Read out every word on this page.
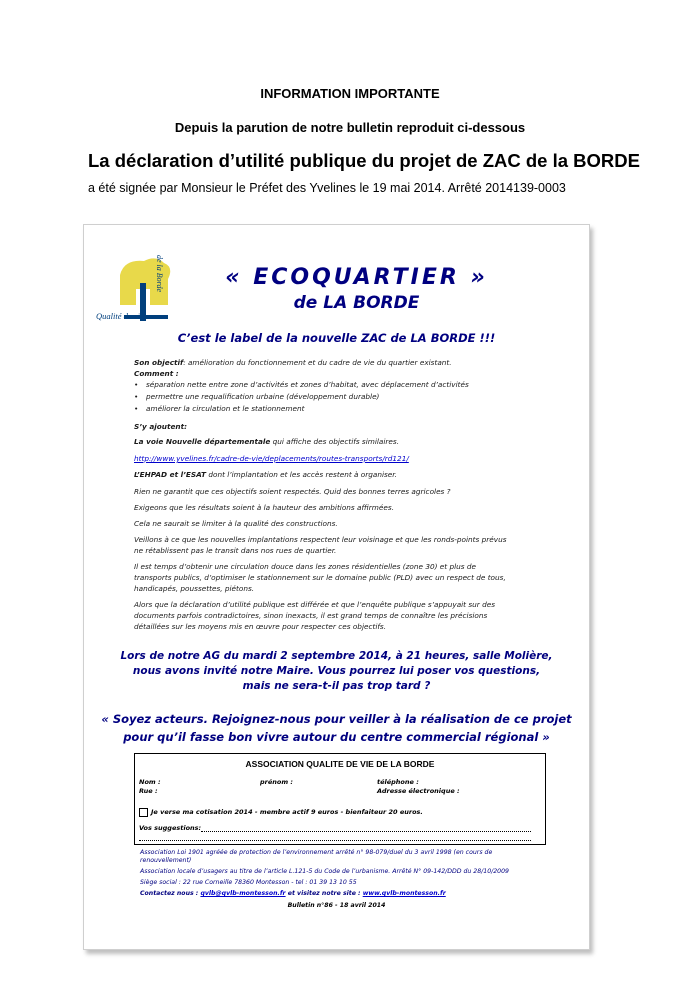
INFORMATION IMPORTANTE
Depuis la parution de notre bulletin reproduit ci-dessous
La déclaration d’utilité publique du projet de ZAC de la BORDE
a été signée par Monsieur le Préfet des Yvelines le 19 mai 2014. Arrêté 2014139-0003
Qualité de vie
de la Borde	« ECOQUARTIER »
de LA BORDE
C’est le label de la nouvelle ZAC de LA BORDE !!!
Son objectif: amélioration du fonctionnement et du cadre de vie du quartier existant.
Comment :
• séparation nette entre zone d’activités et zones d’habitat, avec déplacement d’activités
• permettre une requalification urbaine (développement durable)
• améliorer la circulation et le stationnement
S’y ajoutent:
La voie Nouvelle départementale qui affiche des objectifs similaires.
http://www.yvelines.fr/cadre-de-vie/deplacements/routes-transports/rd121/
L’EHPAD et l’ESAT dont l’implantation et les accès restent à organiser.
Rien ne garantit que ces objectifs soient respectés. Quid des bonnes terres agricoles ?
Exigeons que les résultats soient à la hauteur des ambitions affirmées.
Cela ne saurait se limiter à la qualité des constructions.
Veillons à ce que les nouvelles implantations respectent leur voisinage et que les ronds-points prévus
ne rétablissent pas le transit dans nos rues de quartier.
Il est temps d’obtenir une circulation douce dans les zones résidentielles (zone 30) et plus de
transports publics, d’optimiser le stationnement sur le domaine public (PLD) avec un respect de tous,
handicapés, poussettes, piétons.
Alors que la déclaration d’utilité publique est différée et que l’enquête publique s’appuyait sur des
documents parfois contradictoires, sinon inexacts, il est grand temps de connaître les précisions
détaillées sur les moyens mis en œuvre pour respecter ces objectifs.
Lors de notre AG du mardi 2 septembre 2014, à 21 heures, salle Molière,
nous avons invité notre Maire. Vous pourrez lui poser vos questions,
mais ne sera-t-il pas trop tard ?
« Soyez acteurs. Rejoignez-nous pour veiller à la réalisation de ce projet
pour qu’il fasse bon vivre autour du centre commercial régional »
ASSOCIATION QUALITE DE VIE DE LA BORDE
Nom :	prénom :	téléphone :
Rue :	Adresse électronique :
Je verse ma cotisation 2014 - membre actif 9 euros - bienfaiteur 20 euros.
Vos suggestions:
Association Loi 1901 agréée de protection de l’environnement arrêté n° 98-079/duel du 3 avril 1998 (en cours de
renouvellement)
Association locale d’usagers au titre de l’article L.121-5 du Code de l’urbanisme. Arrêté N° 09-142/DDD du 28/10/2009
Siège social : 22 rue Corneille 78360 Montesson - tel : 01 39 13 10 55
Contactez nous : qvlb@qvlb-montesson.fr et visitez notre site : www.qvlb-montesson.fr
Bulletin n°86 - 18 avril 2014
